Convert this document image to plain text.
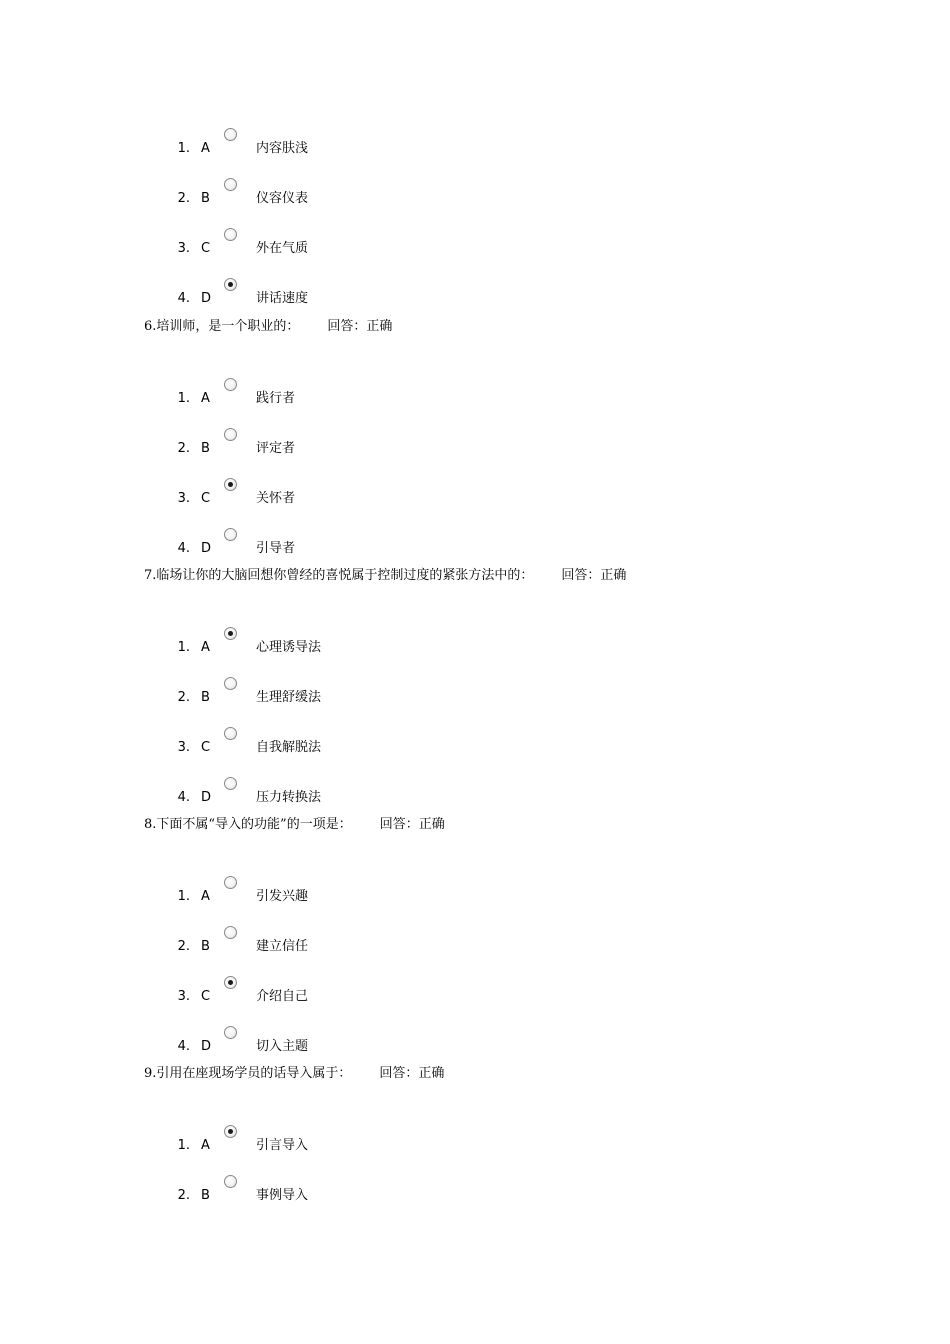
1. A	内容肤浅
2. B	仪容仪表
3. C	外在气质
4. D	讲话速度
6.培训师，是一个职业的： 回答：正确
1. A	践行者
2. B	评定者
3. C	关怀者
4. D	引导者
7.临场让你的大脑回想你曾经的喜悦属于控制过度的紧张方法中的： 回答：正确
1. A	心理诱导法
2. B	生理舒缓法
3. C	自我解脱法
4. D	压力转换法
8.下面不属“导入的功能”的一项是： 回答：正确
1. A	引发兴趣
2. B	建立信任
3. C	介绍自己
4. D	切入主题
9.引用在座现场学员的话导入属于： 回答：正确
1. A	引言导入
2. B	事例导入
